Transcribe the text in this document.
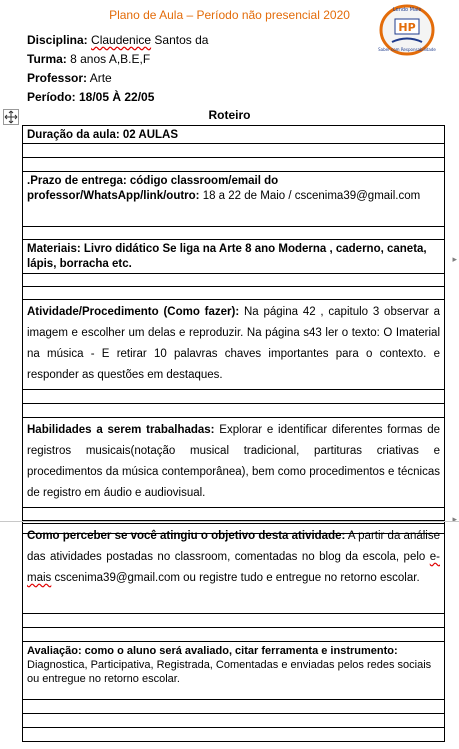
Plano de Aula – Período não presencial 2020	Lendo Mais
HP
Saber com Responsabilidade
Disciplina: Claudenice Santos da
Turma: 8 anos A,B.E,F
Professor: Arte
Período: 18/05 À 22/05
Roteiro
Duração da aula: 02 AULAS
.Prazo de entrega: código classroom/email do professor/WhatsApp/link/outro: 18 a 22 de Maio / cscenima39@gmail.com
Materiais: Livro didático Se liga na Arte 8 ano Moderna , caderno, caneta, lápis, borracha etc.
Atividade/Procedimento (Como fazer): Na página 42 , capitulo 3 observar a imagem e escolher um delas e reproduzir. Na página s43 ler o texto: O Imaterial na música - E retirar 10 palavras chaves importantes para o contexto. e responder as questões em destaques.
Habilidades a serem trabalhadas: Explorar e identificar diferentes formas de registros musicais(notação musical tradicional, partituras criativas e procedimentos da música contemporânea), bem como procedimentos e técnicas de registro em áudio e audiovisual.
▸
▸
Como perceber se você atingiu o objetivo desta atividade: A partir da análise das atividades postadas no classroom, comentadas no blog da escola, pelo e-mais cscenima39@gmail.com ou registre tudo e entregue no retorno escolar.
Avaliação: como o aluno será avaliado, citar ferramenta e instrumento: Diagnostica, Participativa, Registrada, Comentadas e enviadas pelos redes sociais ou entregue no retorno escolar.
